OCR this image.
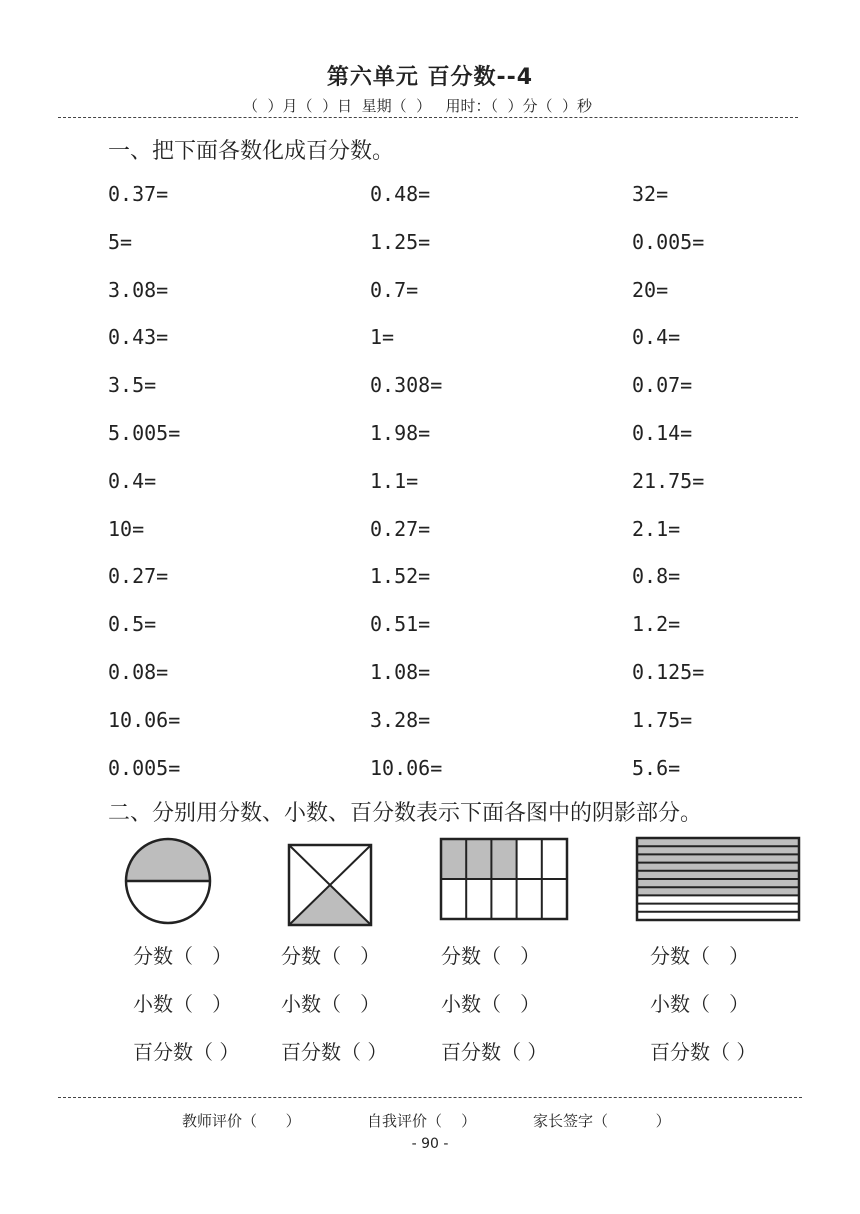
第六单元 百分数--4
（  ）月（  ）日  星期（  ）   用时：（  ）分（  ）秒
一、把下面各数化成百分数。
0.37=	0.48=	32=
5=	1.25=	0.005=
3.08=	0.7=	20=
0.43=	1=	0.4=
3.5=	0.308=	0.07=
5.005=	1.98=	0.14=
0.4=	1.1=	21.75=
10=	0.27=	2.1=
0.27=	1.52=	0.8=
0.5=	0.51=	1.2=
0.08=	1.08=	0.125=
10.06=	3.28=	1.75=
0.005=	10.06=	5.6=
二、分别用分数、小数、百分数表示下面各图中的阴影部分。
分数（   ）
小数（   ）
百分数（ ）
分数（   ）
小数（   ）
百分数（ ）
分数（   ）
小数（   ）
百分数（ ）
分数（   ）
小数（   ）
百分数（ ）
教师评价（      ）	自我评价（    ）	家长签字（          ）
- 90 -
